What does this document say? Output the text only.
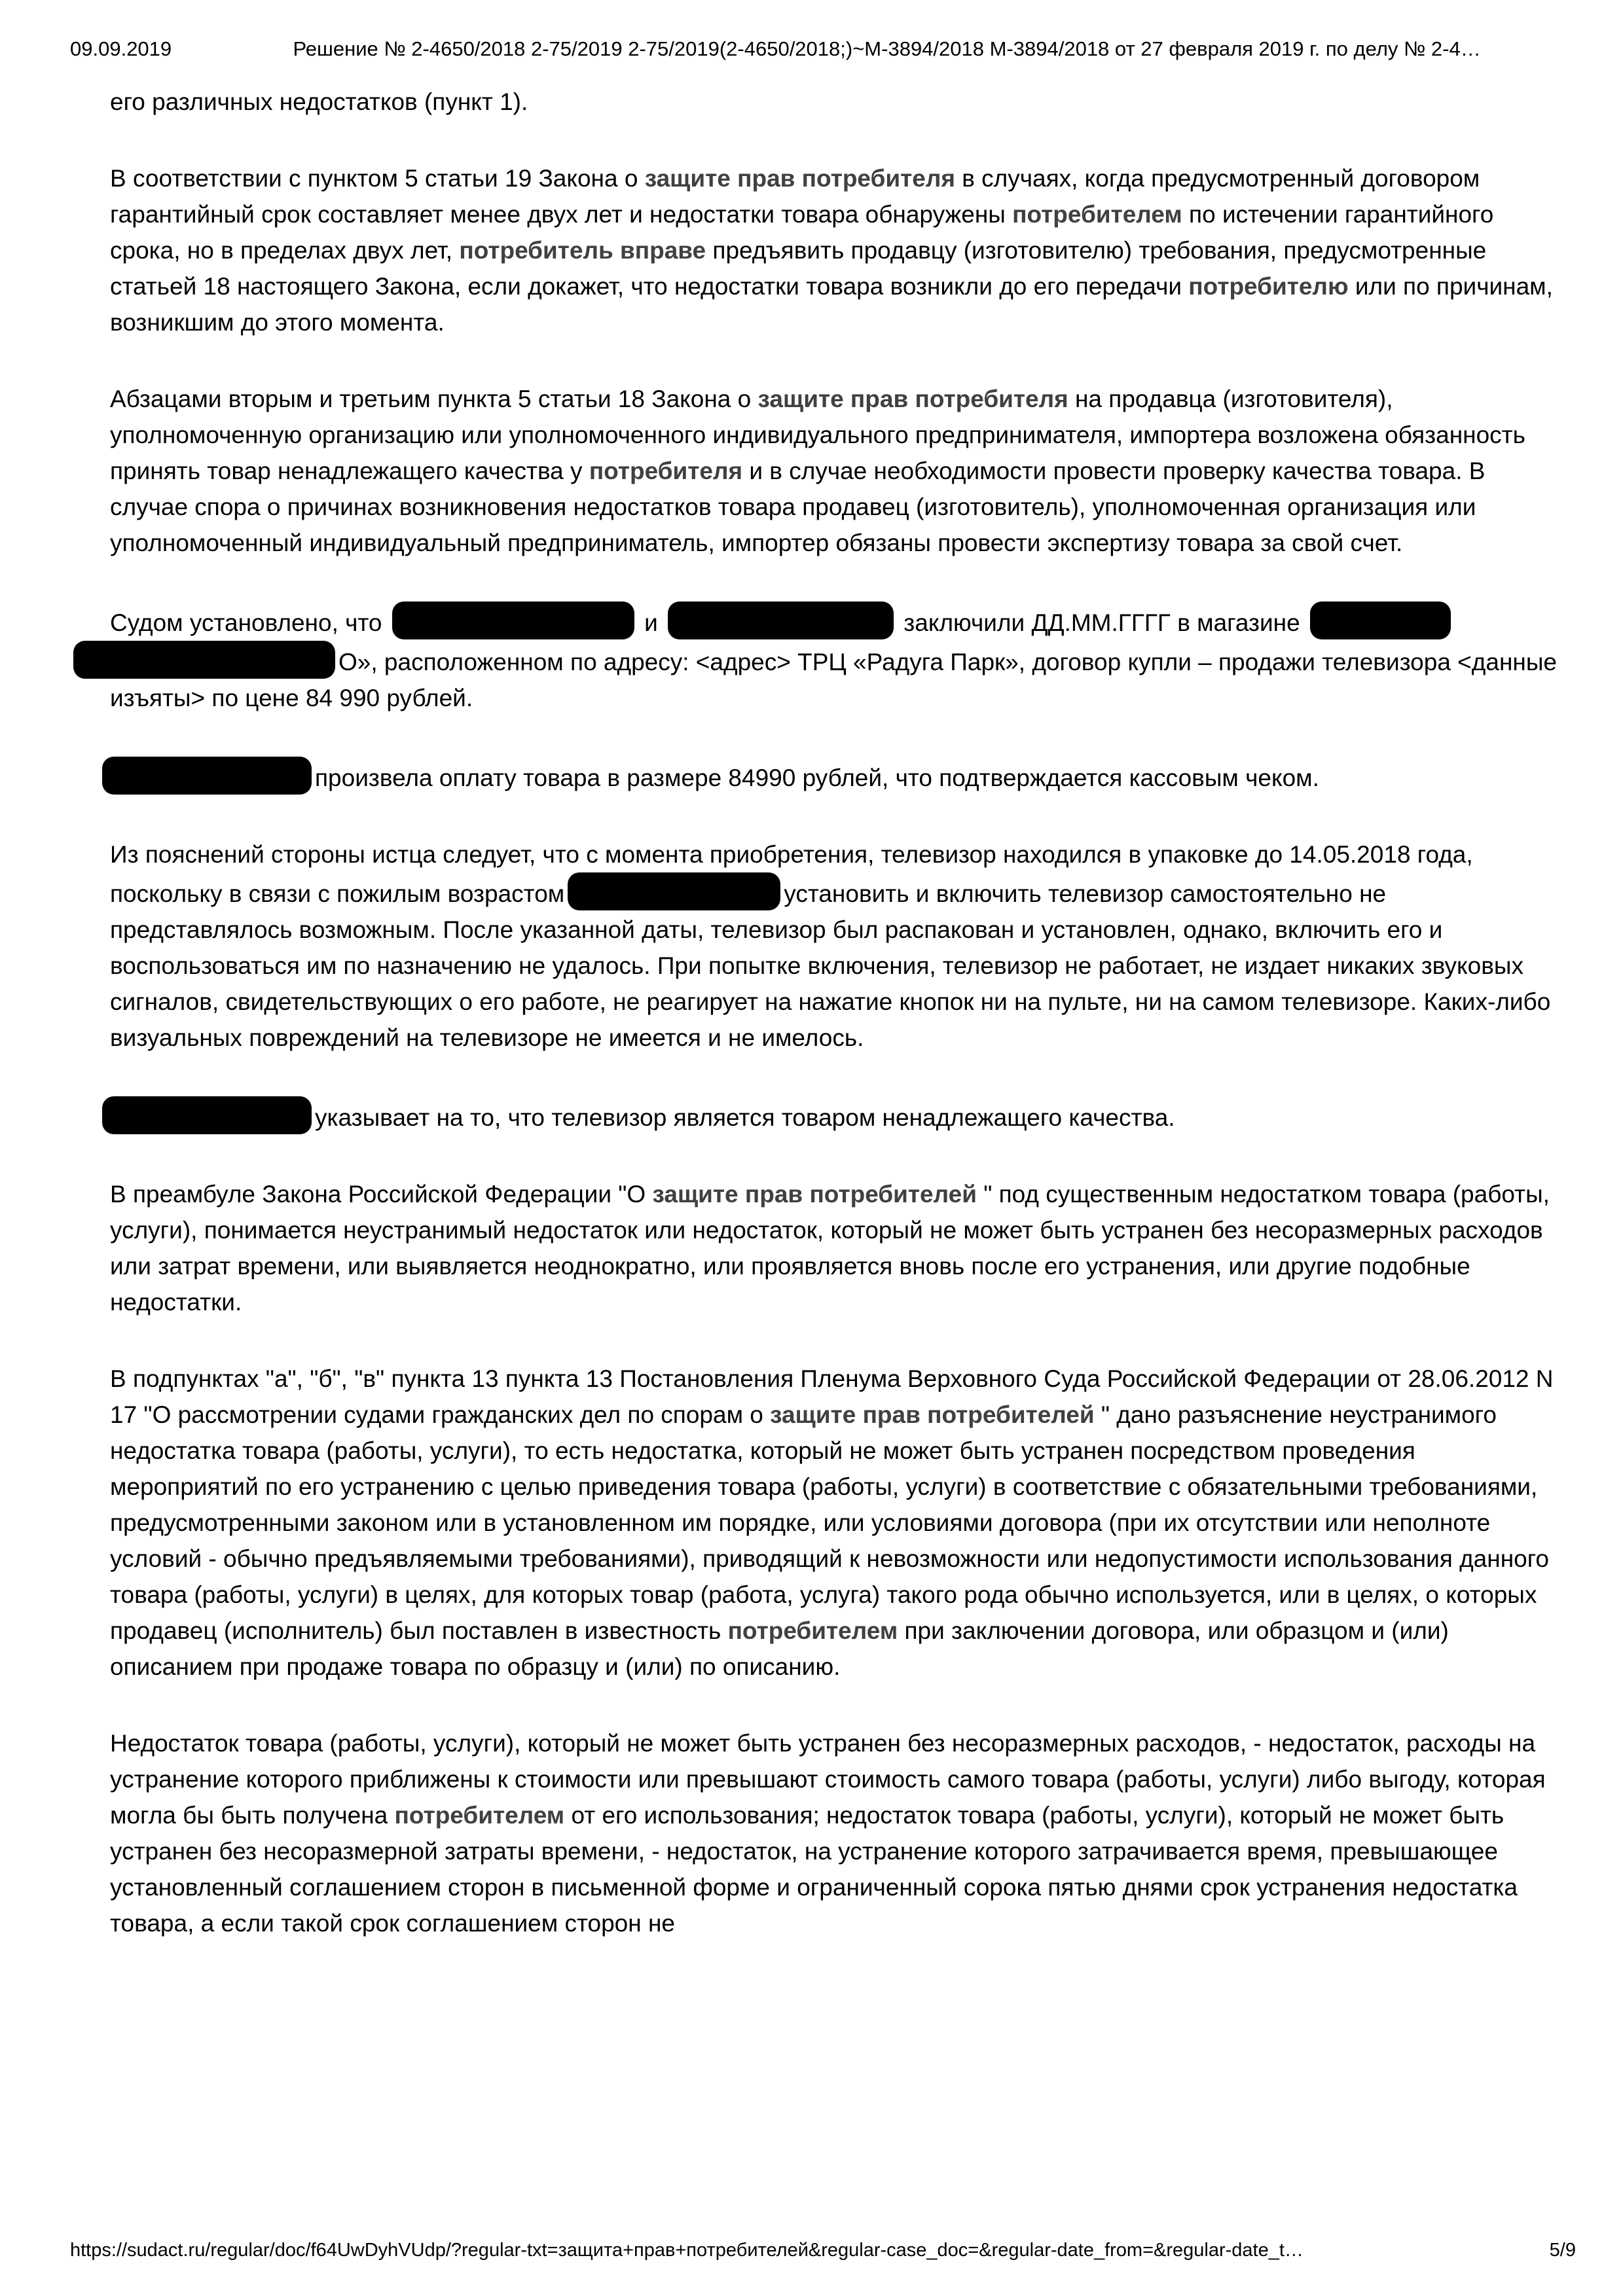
09.09.2019	Решение № 2-4650/2018 2-75/2019 2-75/2019(2-4650/2018;)~М-3894/2018 М-3894/2018 от 27 февраля 2019 г. по делу № 2-4…

его различных недостатков (пункт 1).

В соответствии с пунктом 5 статьи 19 Закона о защите прав потребителя в случаях, когда предусмотренный договором гарантийный срок составляет менее двух лет и недостатки товара обнаружены потребителем по истечении гарантийного срока, но в пределах двух лет, потребитель вправе предъявить продавцу (изготовителю) требования, предусмотренные статьей 18 настоящего Закона, если докажет, что недостатки товара возникли до его передачи потребителю или по причинам, возникшим до этого момента.

Абзацами вторым и третьим пункта 5 статьи 18 Закона о защите прав потребителя на продавца (изготовителя), уполномоченную организацию или уполномоченного индивидуального предпринимателя, импортера возложена обязанность принять товар ненадлежащего качества у потребителя и в случае необходимости провести проверку качества товара. В случае спора о причинах возникновения недостатков товара продавец (изготовитель), уполномоченная организация или уполномоченный индивидуальный предприниматель, импортер обязаны провести экспертизу товара за свой счет.

Судом установлено, что	и	заключили ДД.ММ.ГГГГ в магазине  О», расположенном по адресу: <адрес> ТРЦ «Радуга Парк», договор купли – продажи телевизора <данные изъяты> по цене 84 990 рублей.

произвела оплату товара в размере 84990 рублей, что подтверждается кассовым чеком.

Из пояснений стороны истца следует, что с момента приобретения, телевизор находился в упаковке до 14.05.2018 года, поскольку в связи с пожилым возрастом	установить и включить телевизор самостоятельно не представлялось возможным. После указанной даты, телевизор был распакован и установлен, однако, включить его и воспользоваться им по назначению не удалось. При попытке включения, телевизор не работает, не издает никаких звуковых сигналов, свидетельствующих о его работе, не реагирует на нажатие кнопок ни на пульте, ни на самом телевизоре. Каких-либо визуальных повреждений на телевизоре не имеется и не имелось.

указывает на то, что телевизор является товаром ненадлежащего качества.

В преамбуле Закона Российской Федерации "О защите прав потребителей " под существенным недостатком товара (работы, услуги), понимается неустранимый недостаток или недостаток, который не может быть устранен без несоразмерных расходов или затрат времени, или выявляется неоднократно, или проявляется вновь после его устранения, или другие подобные недостатки.

В подпунктах "а", "б", "в" пункта 13 пункта 13 Постановления Пленума Верховного Суда Российской Федерации от 28.06.2012 N 17 "О рассмотрении судами гражданских дел по спорам о защите прав потребителей " дано разъяснение неустранимого недостатка товара (работы, услуги), то есть недостатка, который не может быть устранен посредством проведения мероприятий по его устранению с целью приведения товара (работы, услуги) в соответствие с обязательными требованиями, предусмотренными законом или в установленном им порядке, или условиями договора (при их отсутствии или неполноте условий - обычно предъявляемыми требованиями), приводящий к невозможности или недопустимости использования данного товара (работы, услуги) в целях, для которых товар (работа, услуга) такого рода обычно используется, или в целях, о которых продавец (исполнитель) был поставлен в известность потребителем при заключении договора, или образцом и (или) описанием при продаже товара по образцу и (или) по описанию.

Недостаток товара (работы, услуги), который не может быть устранен без несоразмерных расходов, - недостаток, расходы на устранение которого приближены к стоимости или превышают стоимость самого товара (работы, услуги) либо выгоду, которая могла бы быть получена потребителем от его использования; недостаток товара (работы, услуги), который не может быть устранен без несоразмерной затраты времени, - недостаток, на устранение которого затрачивается время, превышающее установленный соглашением сторон в письменной форме и ограниченный сорока пятью днями срок устранения недостатка товара, а если такой срок соглашением сторон не

https://sudact.ru/regular/doc/f64UwDyhVUdp/?regular-txt=защита+прав+потребителей&regular-case_doc=&regular-date_from=&regular-date_t…	5/9
